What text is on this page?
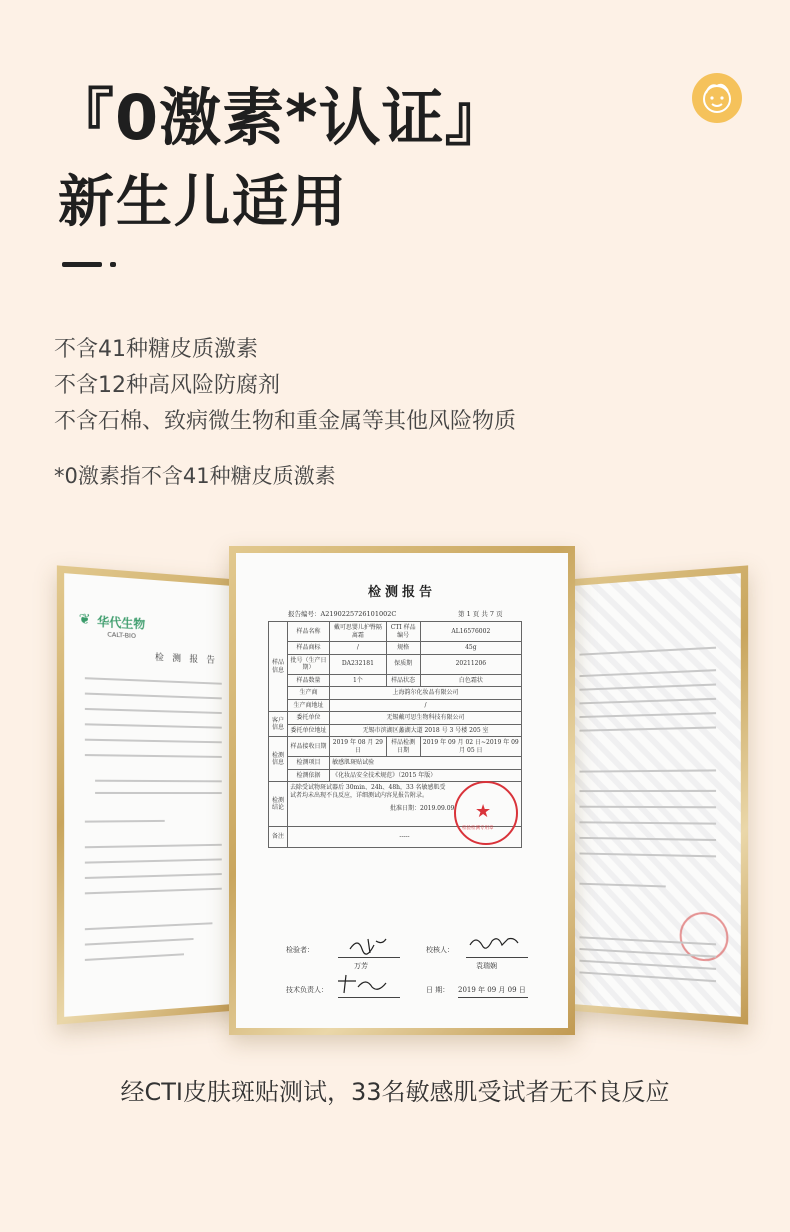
『0激素*认证』
新生儿适用
不含41种糖皮质激素
不含12种高风险防腐剂
不含石棉、致病微生物和重金属等其他风险物质
*0激素指不含41种糖皮质激素
❦ 华代生物
CALT-BIO
检 测 报 告
检测报告
报告编号：A2190225726101002C	第 1 页 共 7 页
样品信息	样品名称	戴可思婴儿护臀隔离霜	CTI 样品编号	AL16576002
	样品商标	/	规格	45g
	批号（生产日期）	DA232181	保质期	20211206
	样品数量	1个	样品状态	白色霜状
	生产商	上海韵尔化妆品有限公司		
	生产商地址	/		
客户信息	委托单位	无锡戴可思生物科技有限公司		
	委托单位地址	无锡市滨湖区蠡湖大道 2018 号 3 号楼 205 室		
检测信息	样品接收日期	2019 年 08 月 29 日	样品检测日期	2019 年 09 月 02 日~2019 年 09 月 05 日
	检测项目	敏感肌斑贴试验		
	检测依据	《化妆品安全技术规范》（2015 年版）		
检测结论	去除受试物斑试器后 30min、24h、48h，33 名敏感肌受试者均未出现不良反应，详细测试内容见报告附录。
批准日期：2019.09.09			

备注	-----			
★
检验检测专用章
检验者：
万芳
校核人：
袁瑞娴
技术负责人：	日 期： 2019 年 09 月 09 日
经CTI皮肤斑贴测试，33名敏感肌受试者无不良反应
